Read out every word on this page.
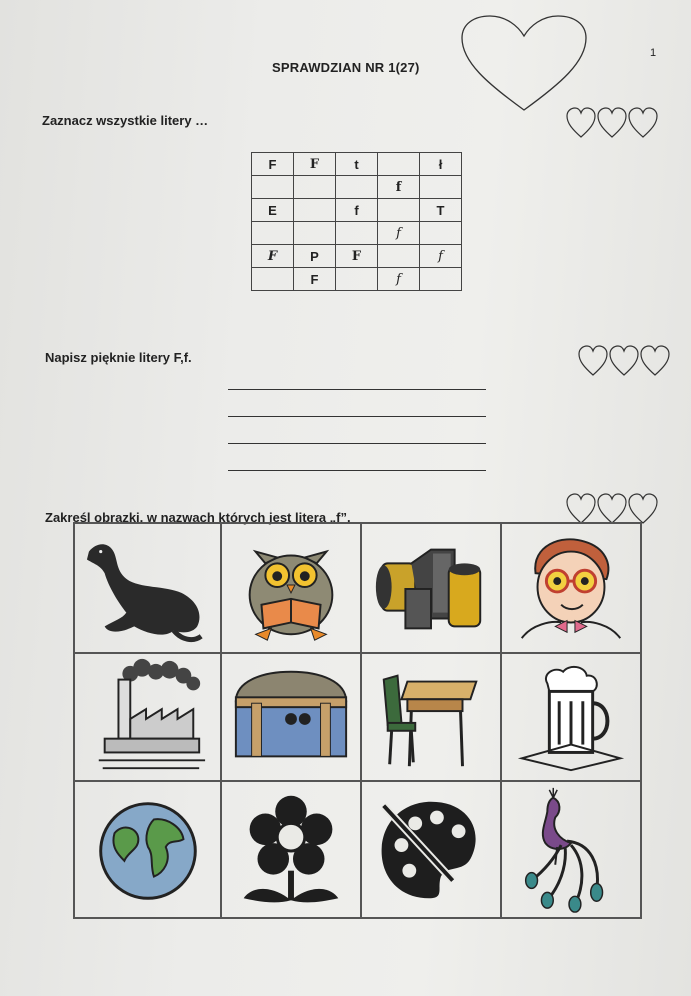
1
SPRAWDZIAN NR 1(27)
Zaznacz wszystkie litery …
F	F	t		ł
			f	
E		f		T
			f	
F	P	F		f
	F		f	
Napisz pięknie litery F,f.
Zakreśl obrazki, w nazwach których jest litera „f”.
